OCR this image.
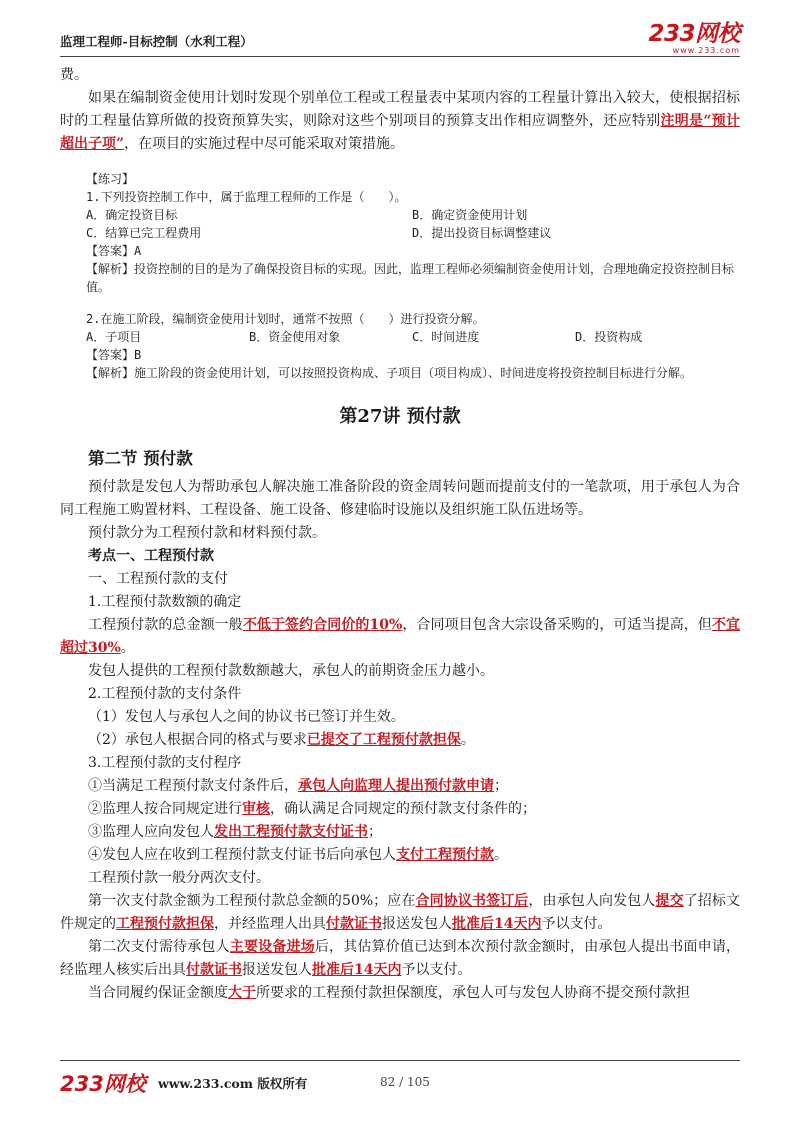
监理工程师-目标控制（水利工程）	233网校
www.233.com

费。

如果在编制资金使用计划时发现个别单位工程或工程量表中某项内容的工程量计算出入较大，使根据招标时的工程量估算所做的投资预算失实，则除对这些个别项目的预算支出作相应调整外，还应特别注明是“预计超出子项”，在项目的实施过程中尽可能采取对策措施。

【练习】

1.下列投资控制工作中，属于监理工程师的工作是（　　）。

A．确定投资目标	B．确定资金使用计划

C．结算已完工程费用	D．提出投资目标调整建议

【答案】A

【解析】投资控制的目的是为了确保投资目标的实现。因此，监理工程师必须编制资金使用计划，合理地确定投资控制目标值。

2.在施工阶段，编制资金使用计划时，通常不按照（　　）进行投资分解。

A．子项目	B．资金使用对象	C．时间进度	D．投资构成

【答案】B

【解析】施工阶段的资金使用计划，可以按照投资构成、子项目（项目构成）、时间进度将投资控制目标进行分解。

第27讲 预付款
第二节 预付款

预付款是发包人为帮助承包人解决施工准备阶段的资金周转问题而提前支付的一笔款项，用于承包人为合同工程施工购置材料、工程设备、施工设备、修建临时设施以及组织施工队伍进场等。

预付款分为工程预付款和材料预付款。

考点一、工程预付款

一、工程预付款的支付

1.工程预付款数额的确定

工程预付款的总金额一般不低于签约合同价的10%，合同项目包含大宗设备采购的，可适当提高，但不宜超过30%。

发包人提供的工程预付款数额越大，承包人的前期资金压力越小。

2.工程预付款的支付条件

（1）发包人与承包人之间的协议书已签订并生效。

（2）承包人根据合同的格式与要求已提交了工程预付款担保。

3.工程预付款的支付程序

①当满足工程预付款支付条件后，承包人向监理人提出预付款申请；

②监理人按合同规定进行审核，确认满足合同规定的预付款支付条件的；

③监理人应向发包人发出工程预付款支付证书；

④发包人应在收到工程预付款支付证书后向承包人支付工程预付款。

工程预付款一般分两次支付。

第一次支付款金额为工程预付款总金额的50%；应在合同协议书签订后，由承包人向发包人提交了招标文件规定的工程预付款担保，并经监理人出具付款证书报送发包人批准后14天内予以支付。

第二次支付需待承包人主要设备进场后，其估算价值已达到本次预付款金额时，由承包人提出书面申请，经监理人核实后出具付款证书报送发包人批准后14天内予以支付。

当合同履约保证金额度大于所要求的工程预付款担保额度，承包人可与发包人协商不提交预付款担

233网校 www.233.com 版权所有	82 / 105
